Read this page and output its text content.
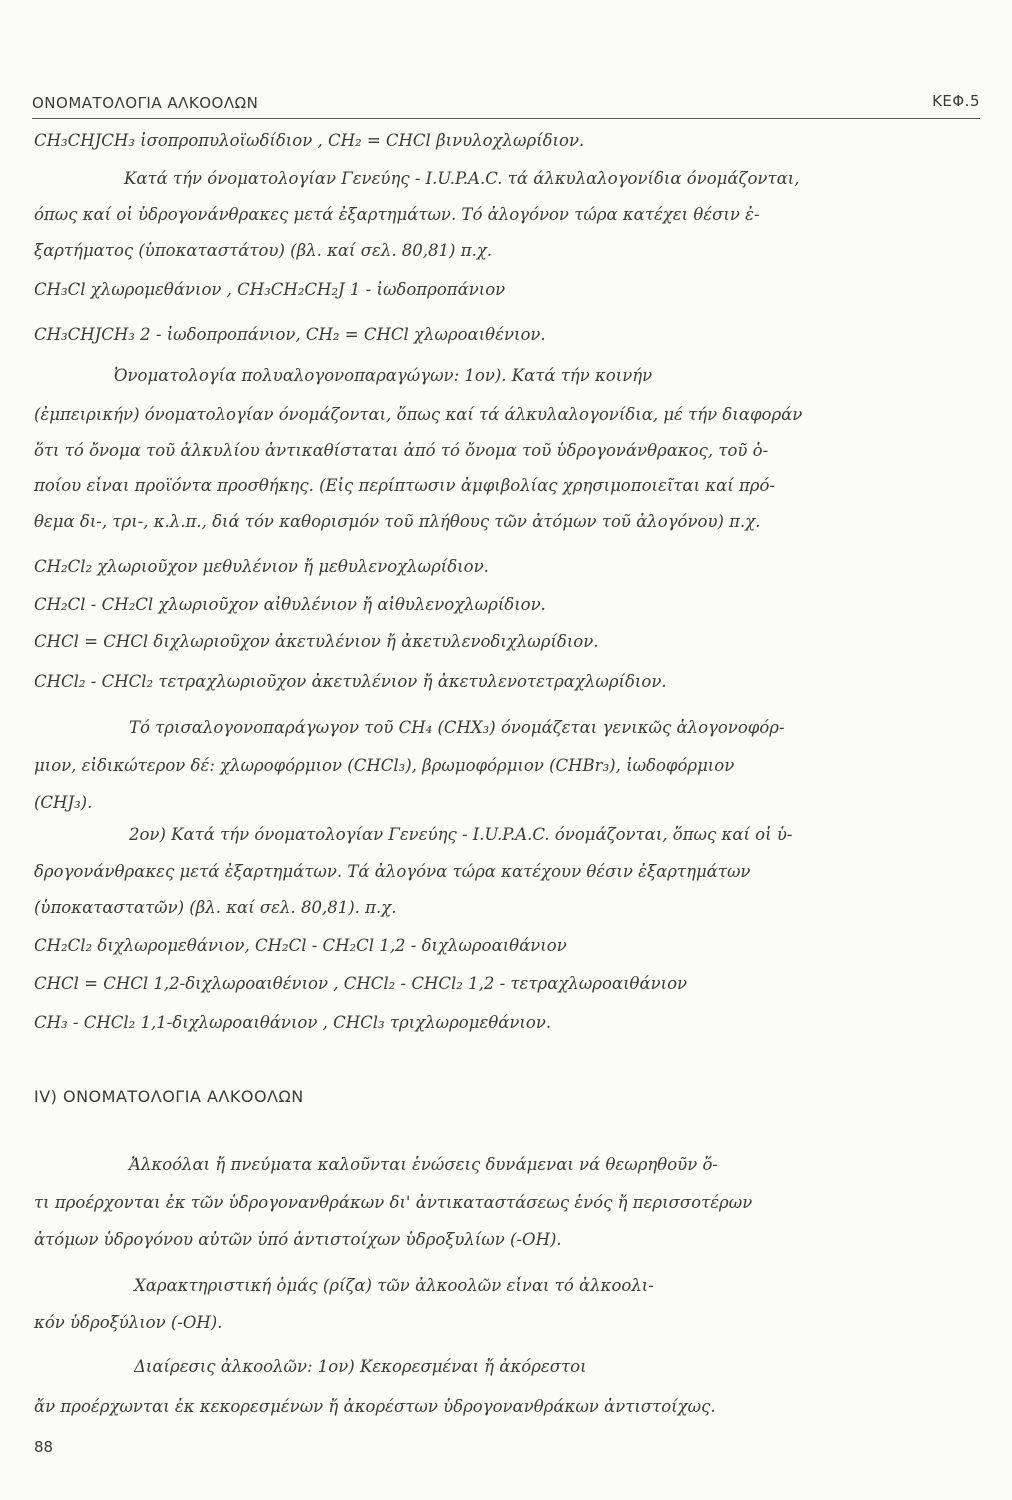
ΟΝΟΜΑΤΟΛΟΓΙΑ ΑΛΚΟΟΛΩΝ	ΚΕΦ.5
CH₃CHJCH₃ ἰσοπροπυλοϊωδίδιον , CH₂ = CHCl βινυλοχλωρίδιον.
Κατά τήν όνοματολογίαν Γενεύης - I.U.P.A.C. τά άλκυλαλογονίδια όνομάζονται,
όπως καί οἱ ὑδρογονάνθρακες μετά ἐξαρτημάτων. Τό ἀλογόνον τώρα κατέχει θέσιν ἐ-
ξαρτήματος (ὑποκαταστάτου) (βλ. καί σελ. 80,81) π.χ.
CH₃Cl χλωρομεθάνιον , CH₃CH₂CH₂J 1 - ἰωδοπροπάνιον
CH₃CHJCH₃ 2 - ἰωδοπροπάνιον, CH₂ = CHCl χλωροαιθένιον.
Ὀνοματολογία πολυαλογονοπαραγώγων: 1ον). Κατά τήν κοινήν
(ἐμπειρικήν) όνοματολογίαν όνομάζονται, ὅπως καί τά άλκυλαλογονίδια, μέ τήν διαφοράν
ὅτι τό ὄνομα τοῦ ἀλκυλίου ἀντικαθίσταται ἀπό τό ὄνομα τοῦ ὑδρογονάνθρακος, τοῦ ὁ-
ποίου εἶναι προϊόντα προσθήκης. (Εἰς περίπτωσιν ἀμφιβολίας χρησιμοποιεῖται καί πρό-
θεμα δι-, τρι-, κ.λ.π., διά τόν καθορισμόν τοῦ πλήθους τῶν ἀτόμων τοῦ ἀλογόνου) π.χ.
CH₂Cl₂ χλωριοῦχον μεθυλένιον ἤ μεθυλενοχλωρίδιον.
CH₂Cl - CH₂Cl χλωριοῦχον αἰθυλένιον ἤ αἰθυλενοχλωρίδιον.
CHCl = CHCl διχλωριοῦχον ἀκετυλένιον ἤ ἀκετυλενοδιχλωρίδιον.
CHCl₂ - CHCl₂ τετραχλωριοῦχον ἀκετυλένιον ἤ ἀκετυλενοτετραχλωρίδιον.
Τό τρισαλογονοπαράγωγον τοῦ CH₄ (CHX₃) όνομάζεται γενικῶς ἁλογονοφόρ-
μιον, εἰδικώτερον δέ: χλωροφόρμιον (CHCl₃), βρωμοφόρμιον (CHBr₃), ἰωδοφόρμιον
(CHJ₃).
2ον) Κατά τήν όνοματολογίαν Γενεύης - I.U.P.A.C. όνομάζονται, ὅπως καί οἱ ὑ-
δρογονάνθρακες μετά ἐξαρτημάτων. Τά ἀλογόνα τώρα κατέχουν θέσιν ἐξαρτημάτων
(ὑποκαταστατῶν) (βλ. καί σελ. 80,81). π.χ.
CH₂Cl₂ διχλωρομεθάνιον, CH₂Cl - CH₂Cl 1,2 - διχλωροαιθάνιον
CHCl = CHCl 1,2-διχλωροαιθένιον , CHCl₂ - CHCl₂ 1,2 - τετραχλωροαιθάνιον
CH₃ - CHCl₂ 1,1-διχλωροαιθάνιον , CHCl₃ τριχλωρομεθάνιον.
IV) ΟΝΟΜΑΤΟΛΟΓΙΑ ΑΛΚΟΟΛΩΝ
Ἀλκοόλαι ἤ πνεύματα καλοῦνται ἑνώσεις δυνάμεναι νά θεωρηθοῦν ὅ-
τι προέρχονται ἐκ τῶν ὑδρογονανθράκων δι' ἀντικαταστάσεως ἑνός ἤ περισσοτέρων
ἀτόμων ὑδρογόνου αὐτῶν ὑπό ἀντιστοίχων ὑδροξυλίων (-OH).
Χαρακτηριστική ὁμάς (ρίζα) τῶν ἀλκοολῶν εἶναι τό ἀλκοολι-
κόν ὑδροξύλιον (-OH).
Διαίρεσις ἀλκοολῶν: 1ον) Κεκορεσμέναι ἤ ἀκόρεστοι
ἄν προέρχωνται ἐκ κεκορεσμένων ἤ ἀκορέστων ὑδρογονανθράκων ἀντιστοίχως.
88
